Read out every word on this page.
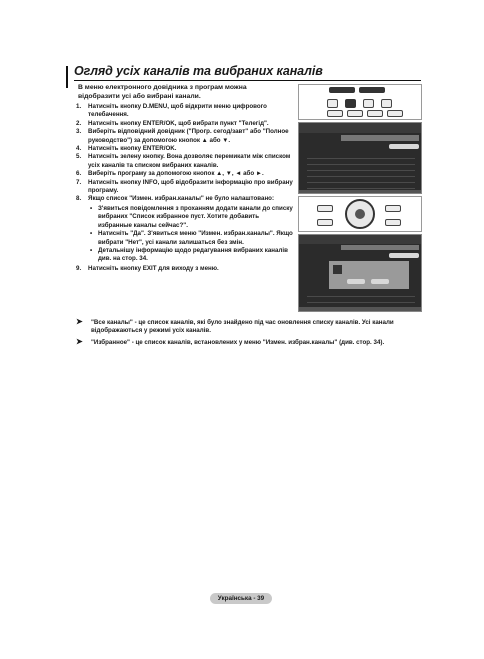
Огляд усіх каналів та вибраних каналів
В меню електронного довідника з програм можна відобразити усі або вибрані канали.
1. Натисніть кнопку D.MENU, щоб відкрити меню цифрового телебачення.
2. Натисніть кнопку ENTER/OK, щоб вибрати пункт "Телегід".
3. Виберіть відповідний довідник ("Прогр. сегод/завт" або "Полное руководство") за допомогою кнопок ▲ або ▼.
4. Натисніть кнопку ENTER/OK.
5. Натисніть зелену кнопку. Вона дозволяє перемикати між списком усіх каналів та списком вибраних каналів.
6. Виберіть програму за допомогою кнопок ▲, ▼, ◄ або ►.
7. Натисніть кнопку INFO, щоб відобразити інформацію про вибрану програму.
8. Якщо список "Измен. избран.каналы" не було налаштовано:
• З'явиться повідомлення з проханням додати канали до списку вибраних "Список избранное пуст. Хотите добавить избранные каналы сейчас?".
• Натисніть "Да". З'явиться меню "Измен. избран.каналы". Якщо вибрати "Нет", усі канали залишаться без змін.
• Детальнішу інформацію щодо редагування вибраних каналів див. на стор. 34.
9. Натисніть кнопку EXIT для виходу з меню.
➤ "Все каналы" - це список каналів, які було знайдено під час оновлення списку каналів. Усі канали відображаються у режимі усіх каналів.
➤ "Избранное" - це список каналів, встановлених у меню "Измен. избран.каналы" (див. стор. 34).
Українська - 39
